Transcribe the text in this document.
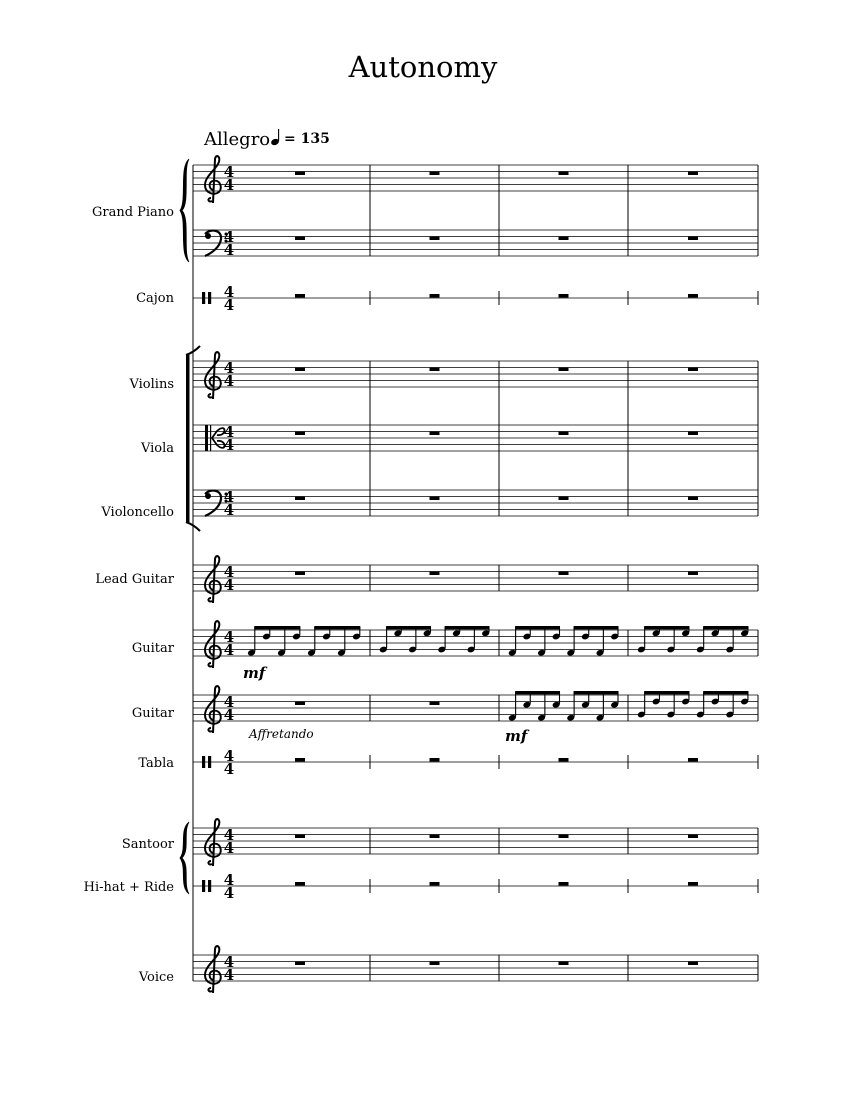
Autonomy
Allegro = 135
Grand Piano
4
4
4
4
Cajon	4
4
Violins
4
4
Viola
4
4
Violoncello
4
4
Lead Guitar	4
4
Guitar
4
4
mf
Guitar
4
4
Affretando	mf
Tabla	4
4
Santoor
4
4
Hi-hat + Ride	4
4
Voice
4
4
